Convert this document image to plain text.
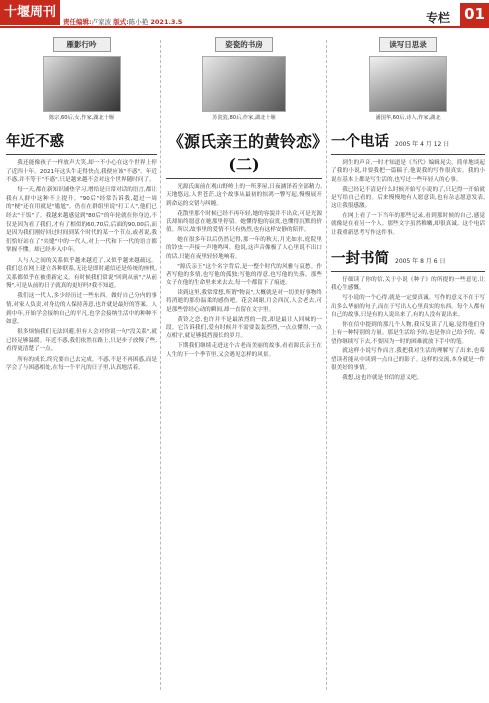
十堰周刊
责任编辑:卢家波 版式:陈小艳 2021.3.5	专栏 01
雁影行吟
陈宗,60后,女,作家,湖北十堰
年近不惑

我还能像孩子一样放声大笑,却一不小心在这个世界上停了近四十年。2021年这头牛走得快点,我便应该"不惑"。年近不惑,并不等于"不惑",只是越来越不会对这个世界随时问了。

每一天,都在新知识铺垫学习,增给是日常对话的语言,都让我有人群中这种不上提升。"90后"经常告诉我,超过一周的"梗"还在用就是"尴尬"。仍在在群组里说"打工人",他们已经去"干饭"了。我越来越感觉到"80后"的年轮就在你身边,不仅是因为看了我们,才有了相似的60,70后,后面的90,00后,而是因为我们刚好回过时间到某个时代的某一个节点,或者说,我们恰好站在了"夹缝"中的一代人,对上一代和下一代的语言都掌握不懂。却已经步入中年。

人与人之间的关系似乎越来越近了,又似乎越来越疏远。我们总在网上建立各种联系,无论是即时通信还是传统的座机,关系都似乎在被重新定义。有时候我们常说"回到从前","从前慢",可是从前的日子就真的更好吗?我不知道。

我们这一代人,多少经历过一些东西。做好自己分内的事情,对家人负责,对身边的人保持善意,也许就是最好的答案。人到中年,开始学会接纳自己的平凡,也学会接纳生活中的种种不如意。

很多烦恼我们无法回避,但有人会对你说一句"没关系",就已经足够温暖。年近不惑,我们依然在路上,只是步子放慢了些,看得更清楚了一点。

所有的成长,终究要自己去完成。不惑,不是不再困惑,而是学会了与困惑相处,在每一个平凡的日子里,认真地活着。

姿瓷的书房
苏瓷瓷,80后,作家,湖北十堰
《源氏亲王的黄铃恋》(二)

光源氏面前在观山野岭上的一所茅屋,日夜涵泽着全部精力,天地悠远,人世苍茫,这个故事从最初的惊鸿一瞥写起,慢慢展开到命运的交错与纠缠。

花散里那个时候已经不再年轻,她的容貌并不出众,可是光源氏却始终愿意在她那里停留。她懂得他的寂寞,也懂得沉默的价值。所以,故事里的爱情不只有热烈,也有这样安静的陪伴。

她在很多年以后仍然记得,那一年的秋天,月光如水,庭院里的铃虫一声接一声地鸣叫。他说,这声音像极了人心里说不出口的话,只能在夜里轻轻地响着。

"源氏亲王"这个名字背后,是一整个时代的风雅与哀愁。作者写他的多情,也写他的孤独;写他的得意,也写他的失落。那些女子在他的生命里来来去去,每一个都留下了痕迹。

读到这里,我常常想,所谓"物哀",大概就是对一切美好事物终将消逝的那份温柔的感伤吧。花会凋谢,月会西沉,人会老去,可是那些曾经心动的瞬间,却一直留在文字里。

黄铃之恋,也许并不是最浓烈的一段,却是最让人回味的一段。它告诉我们,爱有时候并不需要轰轰烈烈,一点点懂得,一点点相守,就足够抵挡漫长的岁月。

下期我们继续走进这个古老而美丽的故事,看看源氏亲王在人生的下一个季节里,又会遇见怎样的风景。

读写日思录
潘国华,60后,诗人,作家,湖北
一个电话 2005 年 4 月 12 日

到生的声音,一时才知道是《当代》编辑晃尖。简单地谈起了我的小说,并要我把一篇稿子,他说我的写作很真实。我的小说在基本上都是写生活的,也写过一些年轻人的心事。

我已经记不清是什么时候开始写小说的了,只记得一开始就是写给自己看的。后来慢慢地有人愿意读,也有杂志愿意发表,这让我很感激。

在网上看了一下当年的那些记录,看到那时候的自己,感觉就像是在看另一个人。那些文字虽然稚嫩,却很真诚。这个电话让我重新思考写作这件事。

一封书简 2005 年 8 月 6 日

仔细读了你的信,关于小说《种子》的所提的一些意见,让我心生感慨。

写小说的一个心得,就是一定要真诚。写作的意义不在于写出多么华丽的句子,而在于写出人心里真实的东西。每个人都有自己的故事,只是有的人说出来了,有的人没有说出来。

你在信中提到的那几个人物,我反复读了几遍,觉得他们身上有一种特别的力量。那是生活给予的,也是你自己给予的。希望你继续写下去,不要因为一时的困难就放下手中的笔。

就这样小说写作而言,我把我对生活的理解写了出来,也希望读者能从中读到一点自己的影子。这样的交流,本身就是一件很美好的事情。

我想,这也许就是书信的意义吧。
